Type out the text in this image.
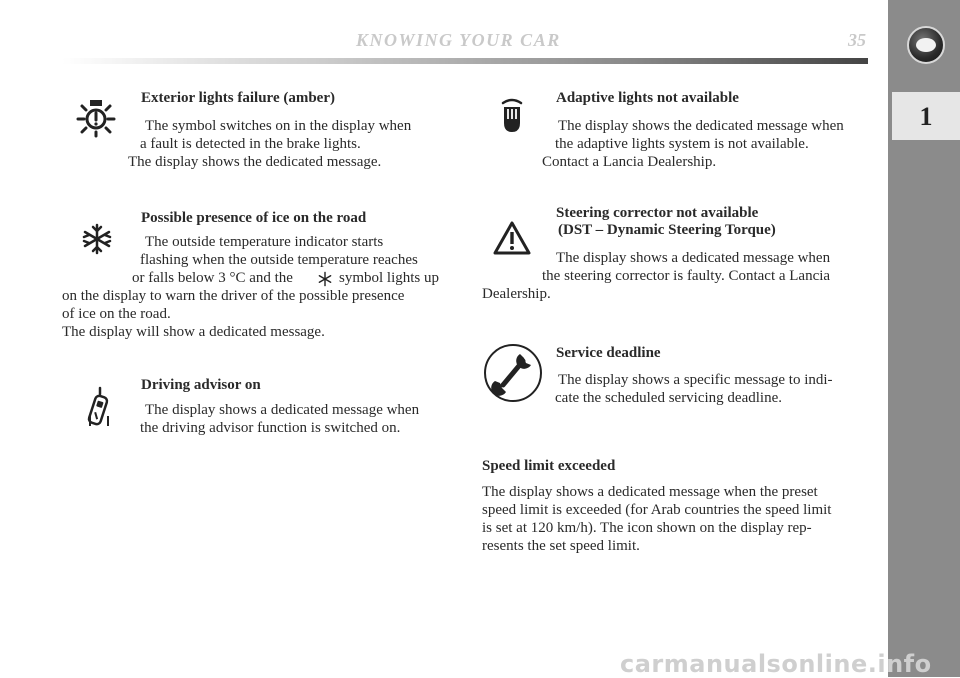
KNOWING YOUR CAR	35
1
Exterior lights failure (amber)
The symbol switches on in the display when
a fault is detected in the brake lights.
The display shows the dedicated message.
Possible presence of ice on the road
The outside temperature indicator starts
flashing when the outside temperature reaches
or falls below 3 °C and the	symbol lights up
on the display to warn the driver of the possible presence
of ice on the road.
The display will show a dedicated message.
Driving advisor on
The display shows a dedicated message when
the driving advisor function is switched on.
Adaptive lights not available
The display shows the dedicated message when
the adaptive lights system is not available.
Contact a Lancia Dealership.
Steering corrector not available
(DST – Dynamic Steering Torque)
The display shows a dedicated message when
the steering corrector is faulty. Contact a Lancia
Dealership.
Service deadline
The display shows a specific message to indi-
cate the scheduled servicing deadline.
Speed limit exceeded
The display shows a dedicated message when the preset
speed limit is exceeded (for Arab countries the speed limit
is set at 120 km/h). The icon shown on the display rep-
resents the set speed limit.
carmanualsonline.info
